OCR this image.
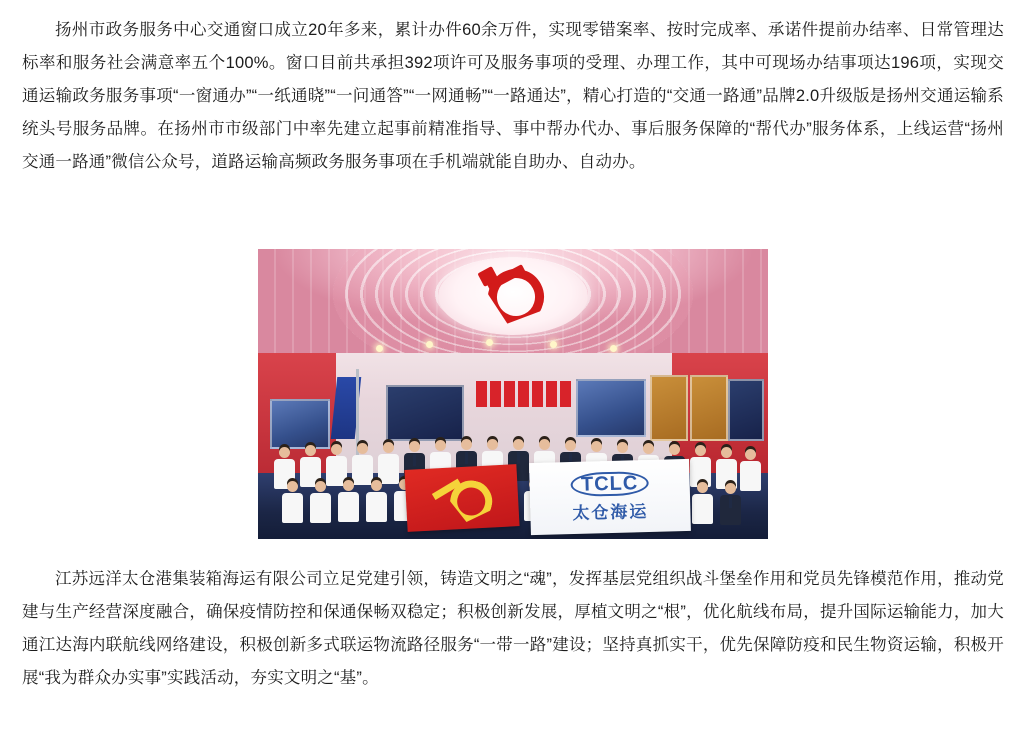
扬州市政务服务中心交通窗口成立20年多来，累计办件60余万件，实现零错案率、按时完成率、承诺件提前办结率、日常管理达标率和服务社会满意率五个100%。窗口目前共承担392项许可及服务事项的受理、办理工作，其中可现场办结事项达196项，实现交通运输政务服务事项“一窗通办”“一纸通晓”“一问通答”“一网通畅”“一路通达”，精心打造的“交通一路通”品牌2.0升级版是扬州交通运输系统头号服务品牌。在扬州市市级部门中率先建立起事前精准指导、事中帮办代办、事后服务保障的“帮代办”服务体系，上线运营“扬州交通一路通”微信公众号，道路运输高频政务服务事项在手机端就能自助办、自动办。

TCLC
太仓海运

江苏远洋太仓港集装箱海运有限公司立足党建引领，铸造文明之“魂”，发挥基层党组织战斗堡垒作用和党员先锋模范作用，推动党建与生产经营深度融合，确保疫情防控和保通保畅双稳定；积极创新发展，厚植文明之“根”，优化航线布局，提升国际运输能力，加大通江达海内联航线网络建设，积极创新多式联运物流路径服务“一带一路”建设；坚持真抓实干，优先保障防疫和民生物资运输，积极开展“我为群众办实事”实践活动，夯实文明之“基”。
